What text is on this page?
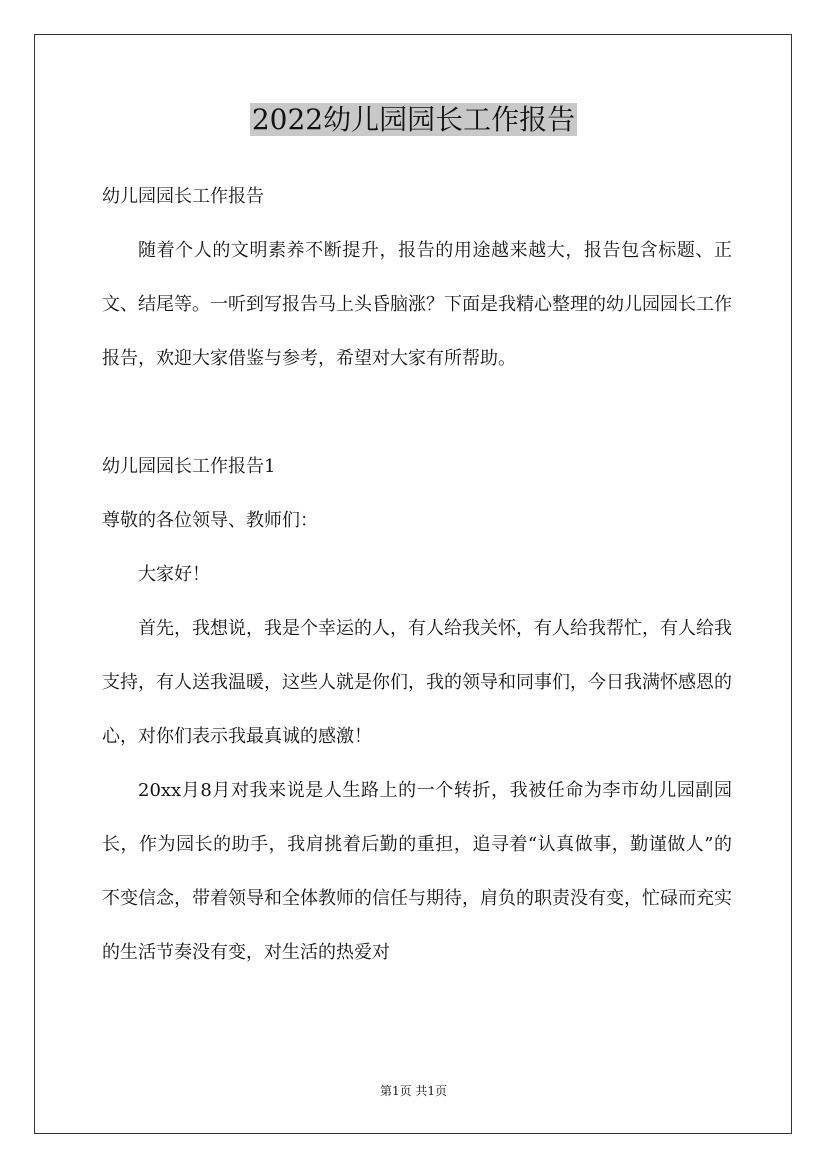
2022幼儿园园长工作报告

幼儿园园长工作报告

随着个人的文明素养不断提升，报告的用途越来越大，报告包含标题、正文、结尾等。一听到写报告马上头昏脑涨？下面是我精心整理的幼儿园园长工作报告，欢迎大家借鉴与参考，希望对大家有所帮助。

幼儿园园长工作报告1

尊敬的各位领导、教师们：

大家好！

首先，我想说，我是个幸运的人，有人给我关怀，有人给我帮忙，有人给我支持，有人送我温暖，这些人就是你们，我的领导和同事们，今日我满怀感恩的心，对你们表示我最真诚的感激！

20xx月8月对我来说是人生路上的一个转折，我被任命为李市幼儿园副园长，作为园长的助手，我肩挑着后勤的重担，追寻着“认真做事，勤谨做人”的不变信念，带着领导和全体教师的信任与期待，肩负的职责没有变，忙碌而充实的生活节奏没有变，对生活的热爱对

第1页 共1页
